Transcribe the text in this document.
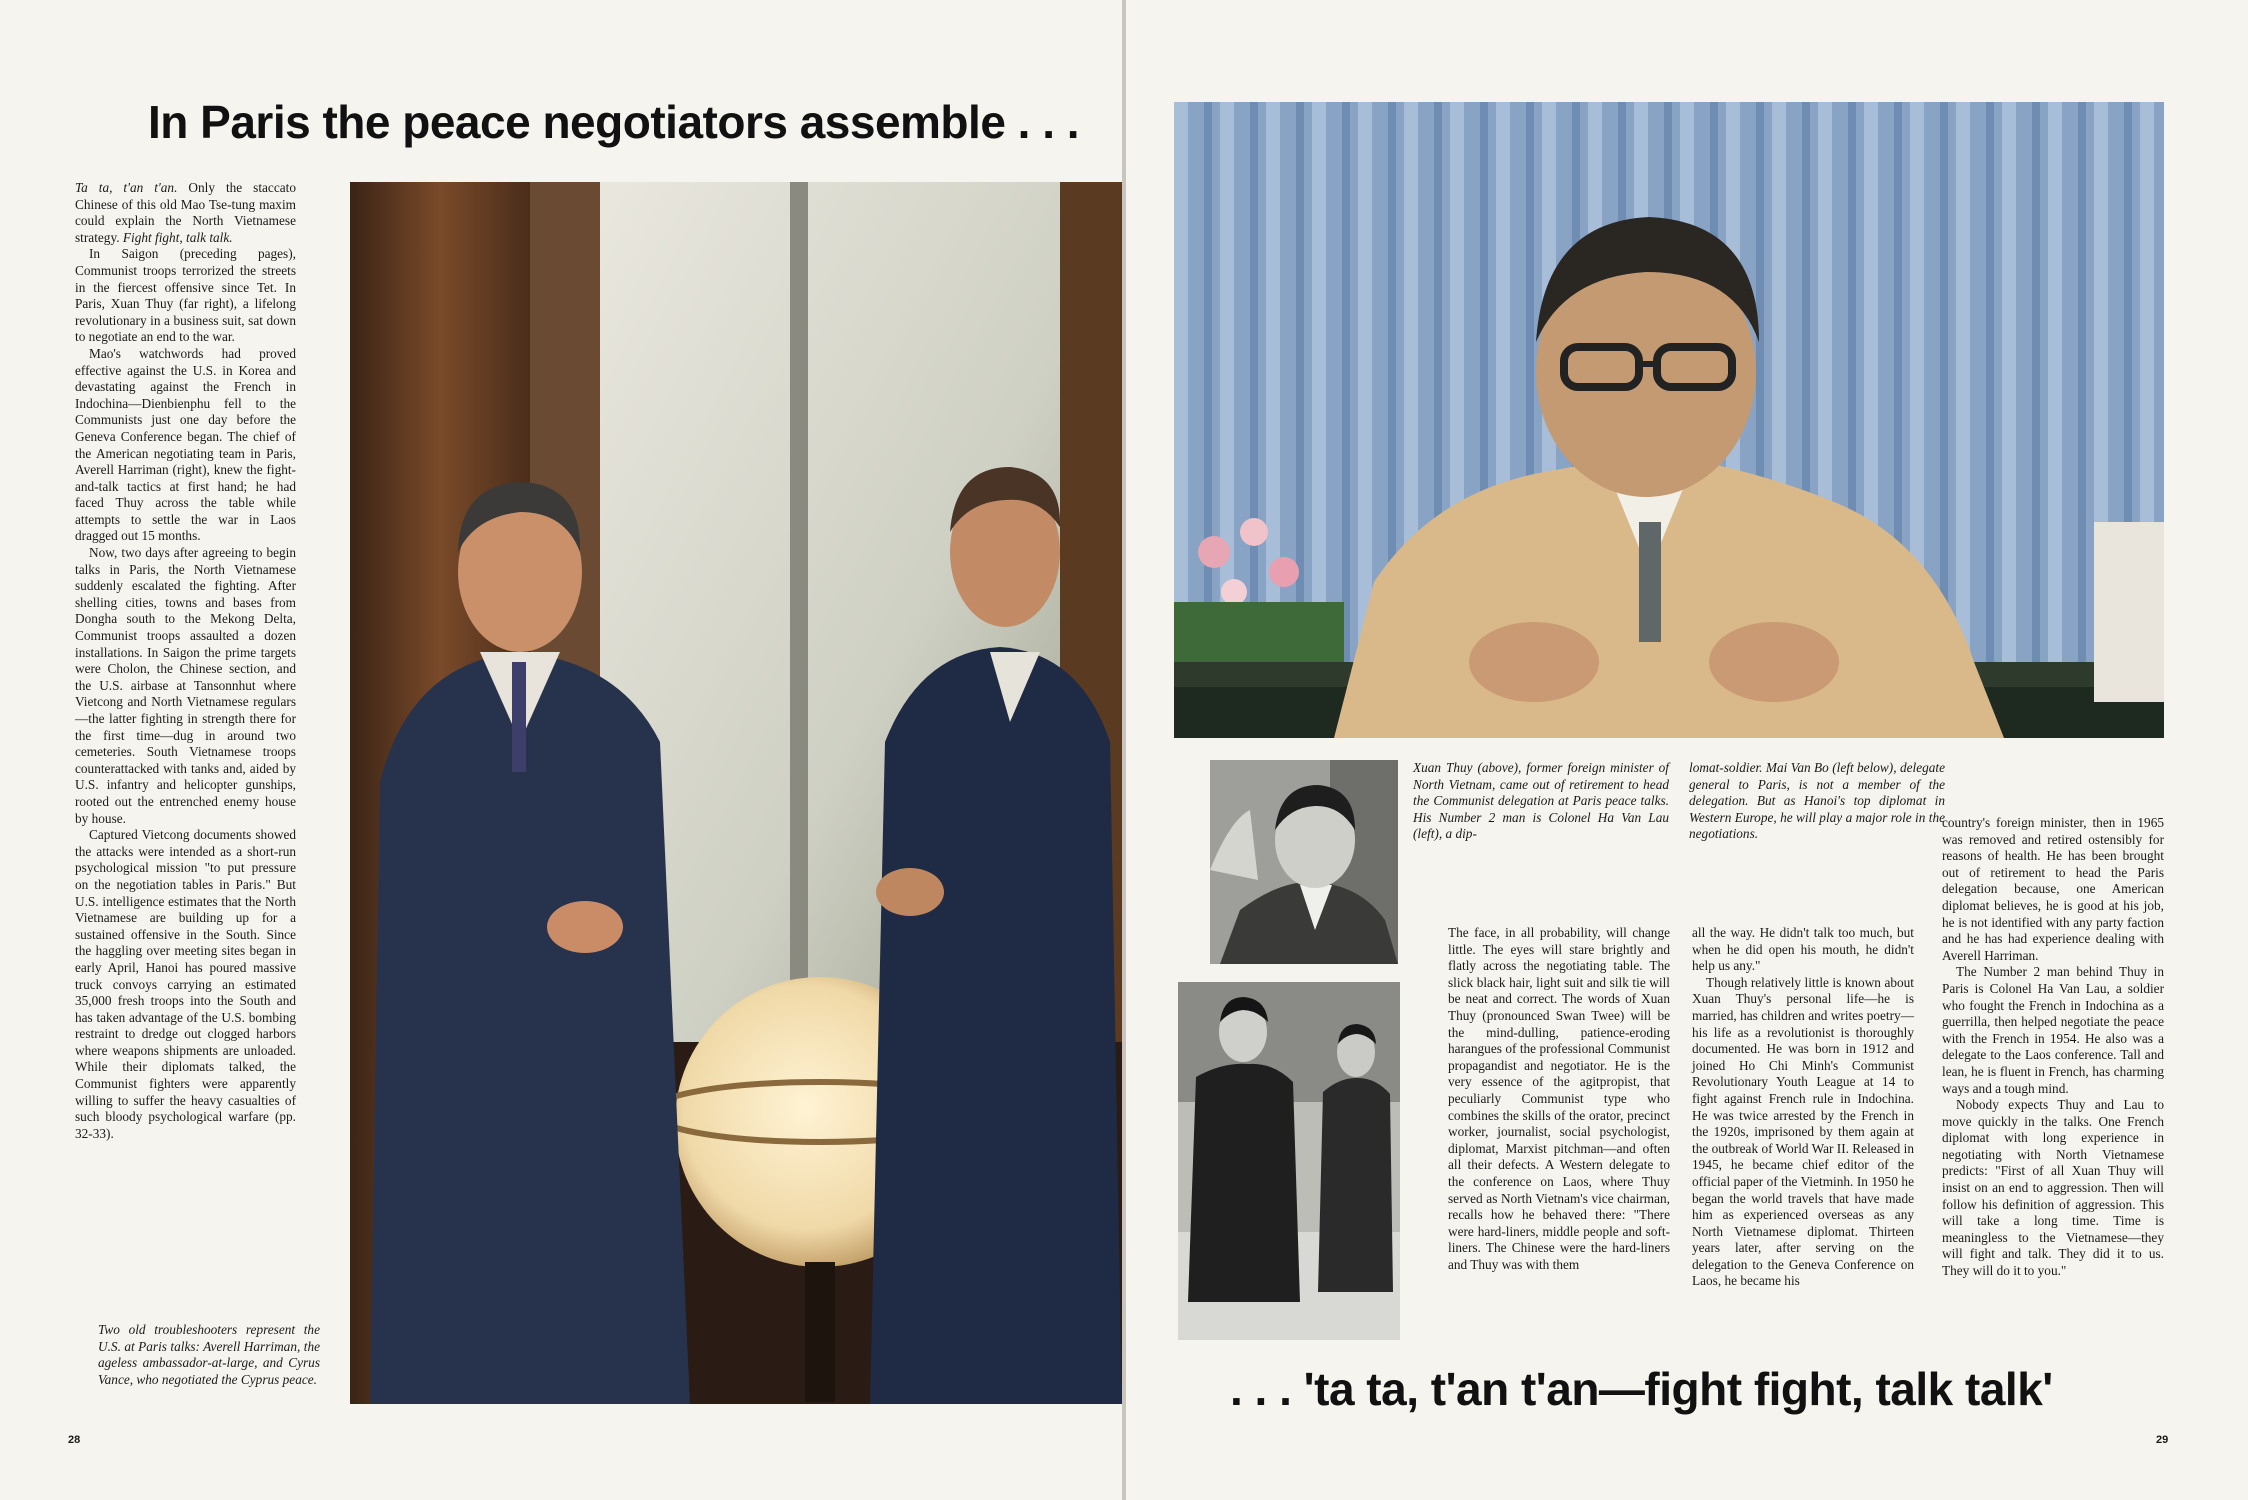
In Paris the peace negotiators assemble . . .

Ta ta, t'an t'an. Only the staccato Chinese of this old Mao Tse-tung maxim could explain the North Vietnamese strategy. Fight fight, talk talk.

In Saigon (preceding pages), Communist troops terrorized the streets in the fiercest offensive since Tet. In Paris, Xuan Thuy (far right), a lifelong revolutionary in a business suit, sat down to negotiate an end to the war.

Mao's watchwords had proved effective against the U.S. in Korea and devastating against the French in Indochina—Dienbienphu fell to the Communists just one day before the Geneva Conference began. The chief of the American negotiating team in Paris, Averell Harriman (right), knew the fight-and-talk tactics at first hand; he had faced Thuy across the table while attempts to settle the war in Laos dragged out 15 months.

Now, two days after agreeing to begin talks in Paris, the North Vietnamese suddenly escalated the fighting. After shelling cities, towns and bases from Dongha south to the Mekong Delta, Communist troops assaulted a dozen installations. In Saigon the prime targets were Cholon, the Chinese section, and the U.S. airbase at Tansonnhut where Vietcong and North Vietnamese regulars—the latter fighting in strength there for the first time—dug in around two cemeteries. South Vietnamese troops counterattacked with tanks and, aided by U.S. infantry and helicopter gunships, rooted out the entrenched enemy house by house.

Captured Vietcong documents showed the attacks were intended as a short-run psychological mission "to put pressure on the negotiation tables in Paris." But U.S. intelligence estimates that the North Vietnamese are building up for a sustained offensive in the South. Since the haggling over meeting sites began in early April, Hanoi has poured massive truck convoys carrying an estimated 35,000 fresh troops into the South and has taken advantage of the U.S. bombing restraint to dredge out clogged harbors where weapons shipments are unloaded. While their diplomats talked, the Communist fighters were apparently willing to suffer the heavy casualties of such bloody psychological warfare (pp. 32-33).

Two old troubleshooters represent the U.S. at Paris talks: Averell Harriman, the ageless ambassador-at-large, and Cyrus Vance, who negotiated the Cyprus peace.

28

Xuan Thuy (above), former foreign minister of North Vietnam, came out of retirement to head the Communist delegation at Paris peace talks. His Number 2 man is Colonel Ha Van Lau (left), a dip-

lomat-soldier. Mai Van Bo (left below), delegate general to Paris, is not a member of the delegation. But as Hanoi's top diplomat in Western Europe, he will play a major role in the negotiations.

The face, in all probability, will change little. The eyes will stare brightly and flatly across the negotiating table. The slick black hair, light suit and silk tie will be neat and correct. The words of Xuan Thuy (pronounced Swan Twee) will be the mind-dulling, patience-eroding harangues of the professional Communist propagandist and negotiator. He is the very essence of the agitpropist, that peculiarly Communist type who combines the skills of the orator, precinct worker, journalist, social psychologist, diplomat, Marxist pitchman—and often all their defects. A Western delegate to the conference on Laos, where Thuy served as North Vietnam's vice chairman, recalls how he behaved there: "There were hard-liners, middle people and soft-liners. The Chinese were the hard-liners and Thuy was with them

all the way. He didn't talk too much, but when he did open his mouth, he didn't help us any."

Though relatively little is known about Xuan Thuy's personal life—he is married, has children and writes poetry—his life as a revolutionist is thoroughly documented. He was born in 1912 and joined Ho Chi Minh's Communist Revolutionary Youth League at 14 to fight against French rule in Indochina. He was twice arrested by the French in the 1920s, imprisoned by them again at the outbreak of World War II. Released in 1945, he became chief editor of the official paper of the Vietminh. In 1950 he began the world travels that have made him as experienced overseas as any North Vietnamese diplomat. Thirteen years later, after serving on the delegation to the Geneva Conference on Laos, he became his

country's foreign minister, then in 1965 was removed and retired ostensibly for reasons of health. He has been brought out of retirement to head the Paris delegation because, one American diplomat believes, he is good at his job, he is not identified with any party faction and he has had experience dealing with Averell Harriman.

The Number 2 man behind Thuy in Paris is Colonel Ha Van Lau, a soldier who fought the French in Indochina as a guerrilla, then helped negotiate the peace with the French in 1954. He also was a delegate to the Laos conference. Tall and lean, he is fluent in French, has charming ways and a tough mind.

Nobody expects Thuy and Lau to move quickly in the talks. One French diplomat with long experience in negotiating with North Vietnamese predicts: "First of all Xuan Thuy will insist on an end to aggression. Then will follow his definition of aggression. This will take a long time. Time is meaningless to the Vietnamese—they will fight and talk. They did it to us. They will do it to you."

. . . 'ta ta, t'an t'an—fight fight, talk talk'
29
